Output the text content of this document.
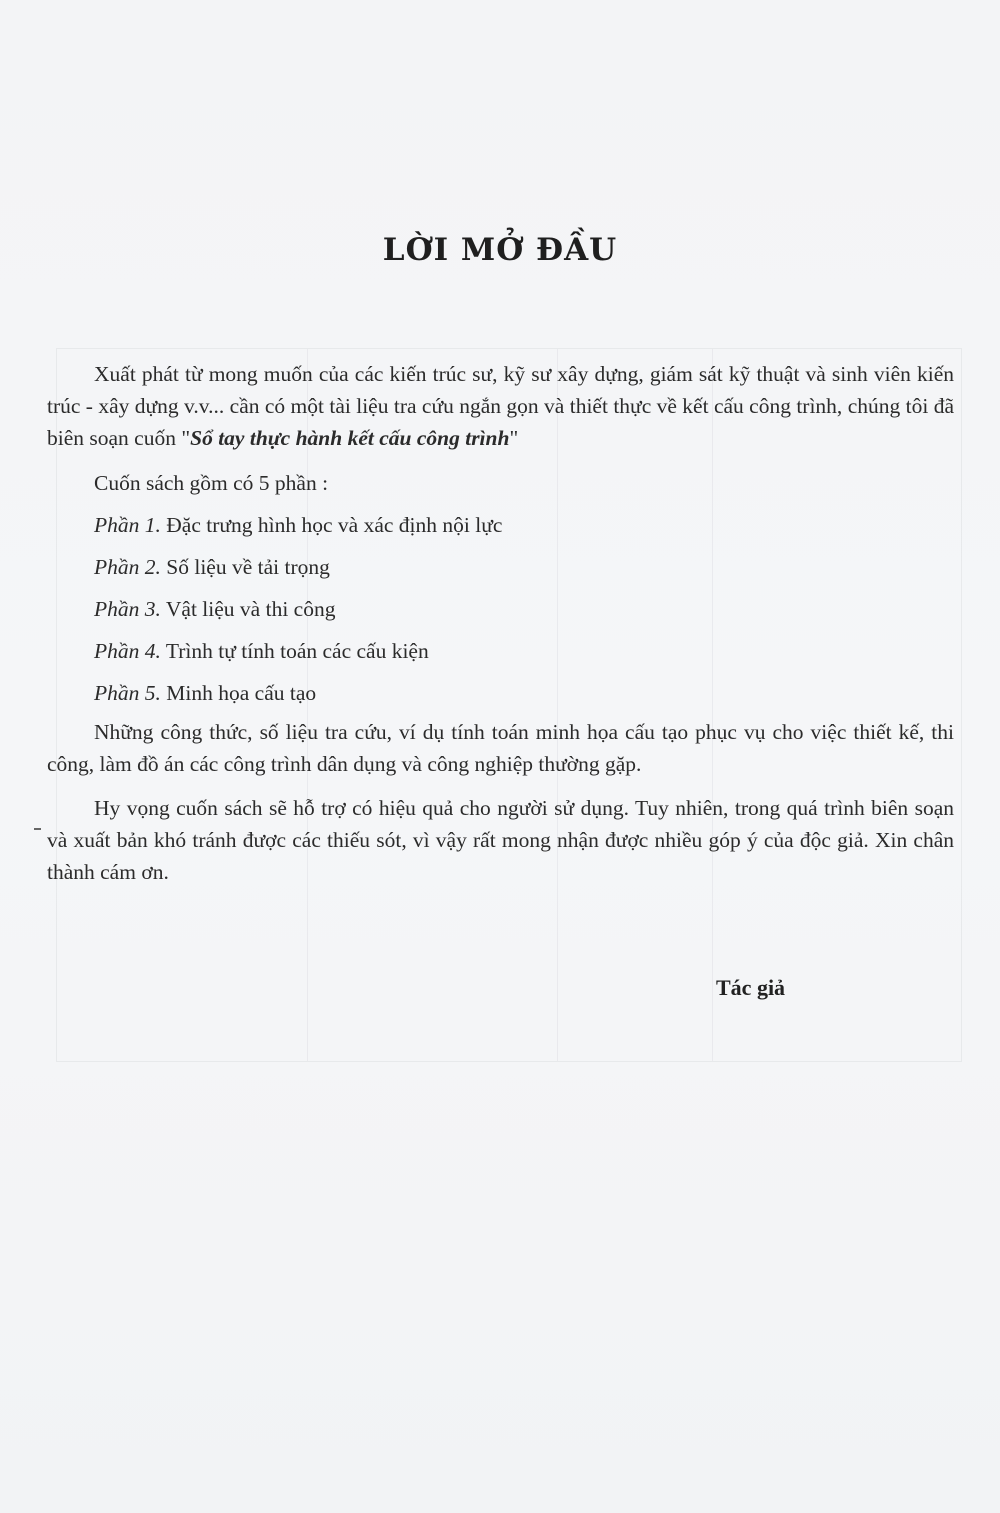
LỜI MỞ ĐẦU

Xuất phát từ mong muốn của các kiến trúc sư, kỹ sư xây dựng, giám sát kỹ thuật và sinh viên kiến trúc - xây dựng v.v... cần có một tài liệu tra cứu ngắn gọn và thiết thực về kết cấu công trình, chúng tôi đã biên soạn cuốn "Sổ tay thực hành kết cấu công trình"

Cuốn sách gồm có 5 phần :

Phần 1. Đặc trưng hình học và xác định nội lực

Phần 2. Số liệu về tải trọng

Phần 3. Vật liệu và thi công

Phần 4. Trình tự tính toán các cấu kiện

Phần 5. Minh họa cấu tạo

Những công thức, số liệu tra cứu, ví dụ tính toán minh họa cấu tạo phục vụ cho việc thiết kế, thi công, làm đồ án các công trình dân dụng và công nghiệp thường gặp.

Hy vọng cuốn sách sẽ hỗ trợ có hiệu quả cho người sử dụng. Tuy nhiên, trong quá trình biên soạn và xuất bản khó tránh được các thiếu sót, vì vậy rất mong nhận được nhiều góp ý của độc giả. Xin chân thành cám ơn.

Tác giả
